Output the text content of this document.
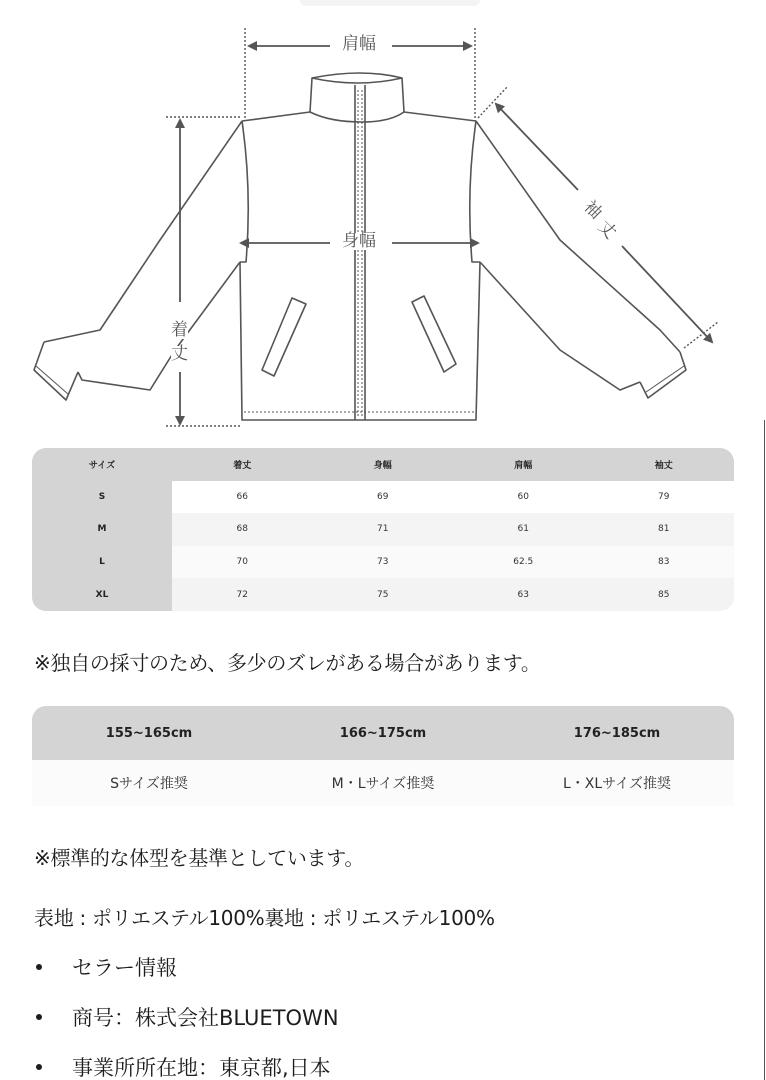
肩幅
身幅
着
丈
袖
丈
サイズ	着丈	身幅	肩幅	袖丈
S	66	69	60	79
M	68	71	61	81
L	70	73	62.5	83
XL	72	75	63	85
※独自の採寸のため、多少のズレがある場合があります。
155~165cm	166~175cm	176~185cm
Sサイズ推奨	M・Lサイズ推奨	L・XLサイズ推奨
※標準的な体型を基準としています。
表地 : ポリエステル100%裏地 : ポリエステル100%
セラー情報
商号：株式会社BLUETOWN
事業所所在地：東京都,日本
